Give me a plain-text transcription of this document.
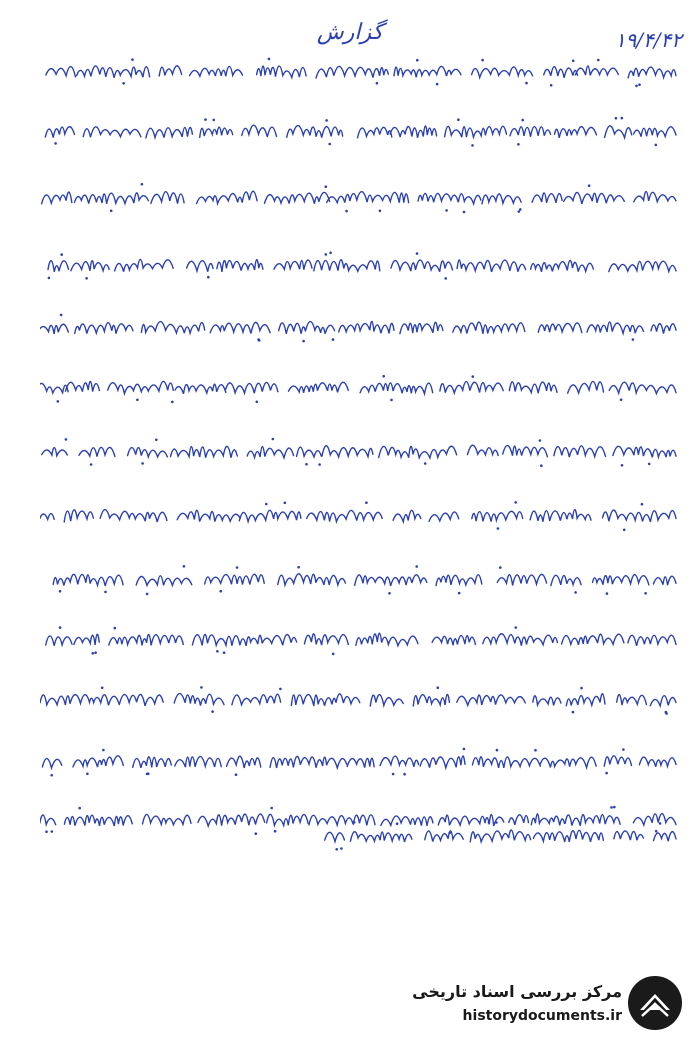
گزارش	۱۹/۴/۴۲
مرکز بررسی اسناد تاریخی
historydocuments.ir
